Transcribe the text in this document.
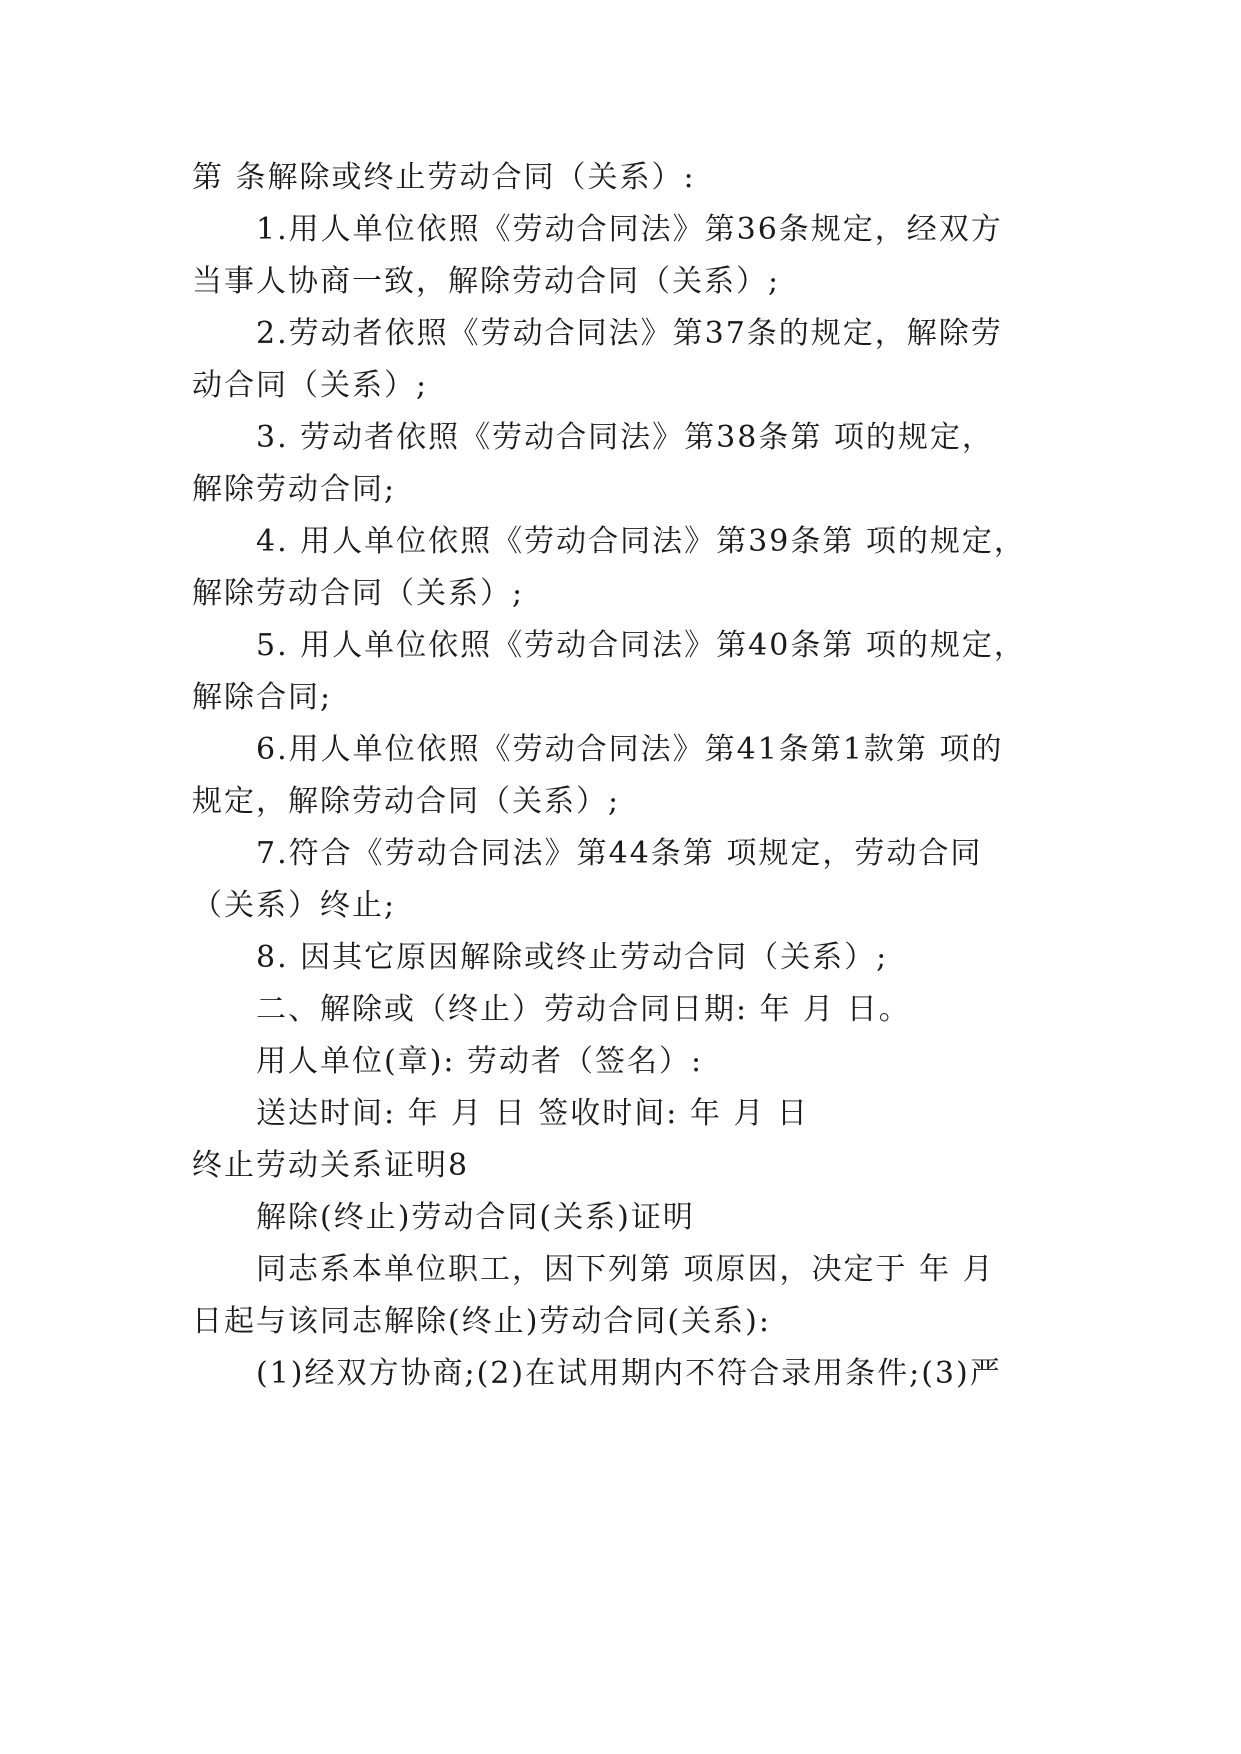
第 条解除或终止劳动合同（关系）:
1.用人单位依照《劳动合同法》第36条规定，经双方
当事人协商一致，解除劳动合同（关系）;
2.劳动者依照《劳动合同法》第37条的规定，解除劳
动合同（关系）;
3. 劳动者依照《劳动合同法》第38条第 项的规定，
解除劳动合同;
4. 用人单位依照《劳动合同法》第39条第 项的规定，
解除劳动合同（关系）;
5. 用人单位依照《劳动合同法》第40条第 项的规定，
解除合同;
6.用人单位依照《劳动合同法》第41条第1款第 项的
规定，解除劳动合同（关系）;
7.符合《劳动合同法》第44条第 项规定，劳动合同
（关系）终止;
8. 因其它原因解除或终止劳动合同（关系）;
二、解除或（终止）劳动合同日期: 年 月 日。
用人单位(章): 劳动者（签名）:
送达时间: 年 月 日 签收时间: 年 月 日
终止劳动关系证明8
解除(终止)劳动合同(关系)证明
同志系本单位职工，因下列第 项原因，决定于 年 月
日起与该同志解除(终止)劳动合同(关系):
(1)经双方协商;(2)在试用期内不符合录用条件;(3)严
